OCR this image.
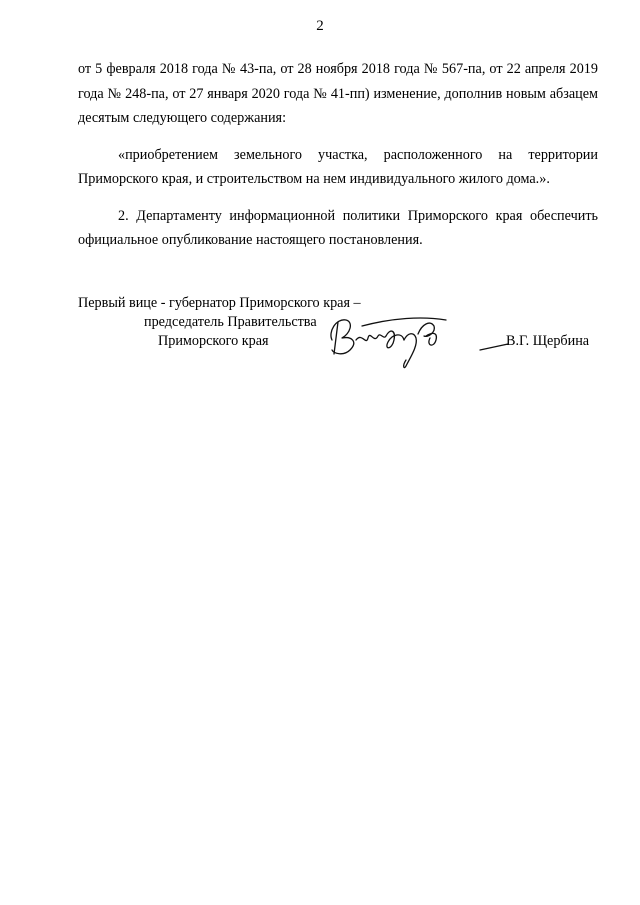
2

от 5 февраля 2018 года № 43-па, от 28 ноября 2018 года № 567-па, от 22 апреля 2019 года № 248-па, от 27 января 2020 года № 41-пп) изменение, дополнив новым абзацем десятым следующего содержания:

«приобретением земельного участка, расположенного на территории Приморского края, и строительством на нем индивидуального жилого дома.».

2. Департаменту информационной политики Приморского края обеспечить официальное опубликование настоящего постановления.

Первый вице - губернатор Приморского края –
председатель Правительства
Приморского края	В.Г. Щербина
